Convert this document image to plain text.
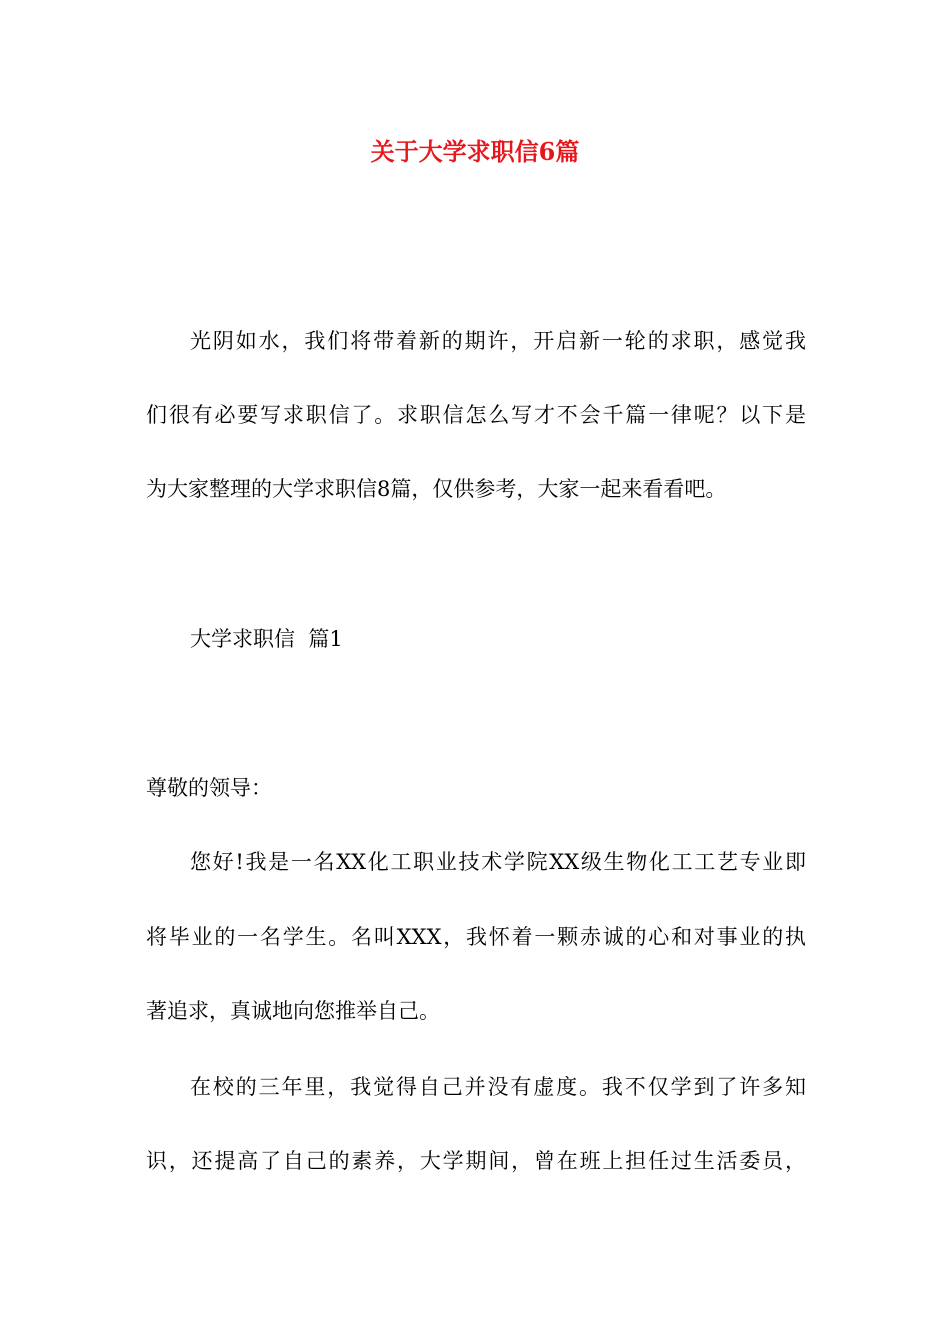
关于大学求职信6篇
光阴如水，我们将带着新的期许，开启新一轮的求职，感觉我
们很有必要写求职信了。求职信怎么写才不会千篇一律呢？以下是
为大家整理的大学求职信8篇，仅供参考，大家一起来看看吧。
大学求职信  篇1
尊敬的领导：
您好!我是一名XX化工职业技术学院XX级生物化工工艺专业即
将毕业的一名学生。名叫XXX，我怀着一颗赤诚的心和对事业的执
著追求，真诚地向您推举自己。
在校的三年里，我觉得自己并没有虚度。我不仅学到了许多知
识，还提高了自己的素养，大学期间，曾在班上担任过生活委员，
